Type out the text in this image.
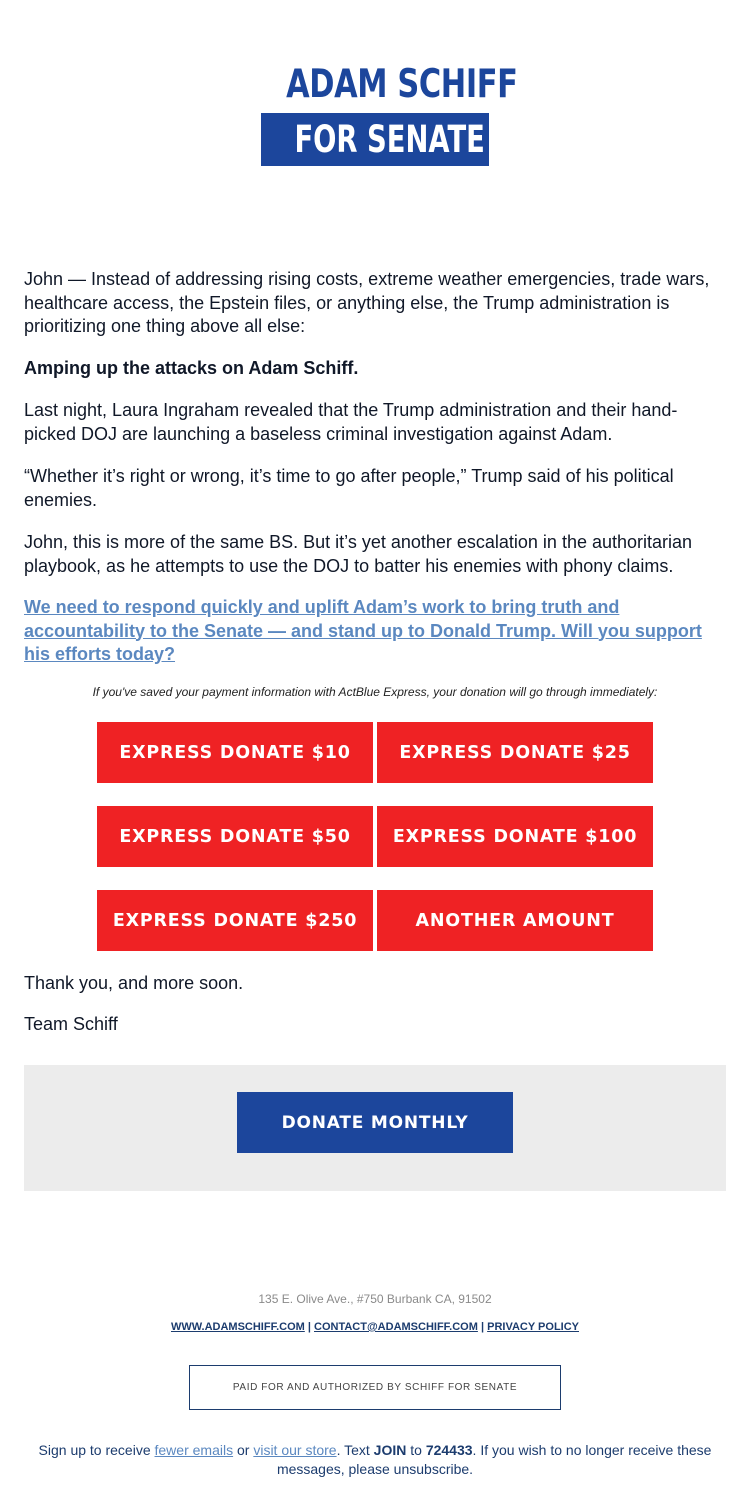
ADAM SCHIFF
FOR SENATE

John — Instead of addressing rising costs, extreme weather emergencies, trade wars, healthcare access, the Epstein files, or anything else, the Trump administration is prioritizing one thing above all else:

Amping up the attacks on Adam Schiff.

Last night, Laura Ingraham revealed that the Trump administration and their hand-picked DOJ are launching a baseless criminal investigation against Adam.

“Whether it’s right or wrong, it’s time to go after people,” Trump said of his political enemies.

John, this is more of the same BS. But it’s yet another escalation in the authoritarian playbook, as he attempts to use the DOJ to batter his enemies with phony claims.

We need to respond quickly and uplift Adam’s work to bring truth and accountability to the Senate — and stand up to Donald Trump. Will you support his efforts today?
If you've saved your payment information with ActBlue Express, your donation will go through immediately:
EXPRESS DONATE $10	EXPRESS DONATE $25
EXPRESS DONATE $50	EXPRESS DONATE $100
EXPRESS DONATE $250	ANOTHER AMOUNT

Thank you, and more soon.

Team Schiff

DONATE MONTHLY
135 E. Olive Ave., #750 Burbank CA, 91502
WWW.ADAMSCHIFF.COM | CONTACT@ADAMSCHIFF.COM | PRIVACY POLICY
PAID FOR AND AUTHORIZED BY SCHIFF FOR SENATE
Sign up to receive fewer emails or visit our store. Text JOIN to 724433. If you wish to no longer receive these messages, please unsubscribe.
